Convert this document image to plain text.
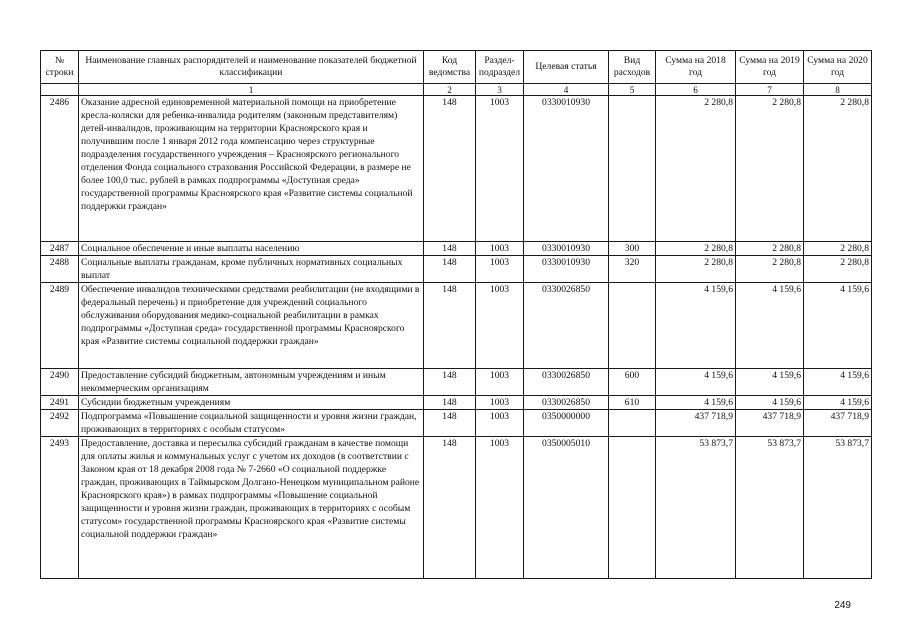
№ строки	Наименование главных распорядителей и наименование показателей бюджетной классификации	Код ведомства	Раздел-подраздел	Целевая статья	Вид расходов	Сумма на 2018 год	Сумма на 2019 год	Сумма на 2020 год
	1	2	3	4	5	6	7	8
2486	Оказание адресной единовременной материальной помощи на приобретение кресла-коляски для ребенка-инвалида родителям (законным представителям) детей-инвалидов, проживающим на территории Красноярского края и получившим после 1 января 2012 года компенсацию через структурные подразделения государственного учреждения – Красноярского регионального отделения Фонда социального страхования Российской Федерации, в размере не более 100,0 тыс. рублей в рамках подпрограммы «Доступная среда» государственной программы Красноярского края «Развитие системы социальной поддержки граждан»	148	1003	0330010930		2 280,8	2 280,8	2 280,8
2487	Социальное обеспечение и иные выплаты населению	148	1003	0330010930	300	2 280,8	2 280,8	2 280,8
2488	Социальные выплаты гражданам, кроме публичных нормативных социальных выплат	148	1003	0330010930	320	2 280,8	2 280,8	2 280,8
2489	Обеспечение инвалидов техническими средствами реабилитации (не входящими в федеральный перечень) и приобретение для учреждений социального обслуживания оборудования медико-социальной реабилитации в рамках подпрограммы «Доступная среда» государственной программы Красноярского края «Развитие системы социальной поддержки граждан»	148	1003	0330026850		4 159,6	4 159,6	4 159,6
2490	Предоставление субсидий бюджетным, автономным учреждениям и иным некоммерческим организациям	148	1003	0330026850	600	4 159,6	4 159,6	4 159,6
2491	Субсидии бюджетным учреждениям	148	1003	0330026850	610	4 159,6	4 159,6	4 159,6
2492	Подпрограмма «Повышение социальной защищенности и уровня жизни граждан, проживающих в территориях с особым статусом»	148	1003	0350000000		437 718,9	437 718,9	437 718,9
2493	Предоставление, доставка и пересылка субсидий гражданам в качестве помощи для оплаты жилья и коммунальных услуг с учетом их доходов (в соответствии с Законом края от 18 декабря 2008 года № 7-2660 «О социальной поддержке граждан, проживающих в Таймырском Долгано-Ненецком муниципальном районе Красноярского края») в рамках подпрограммы «Повышение социальной защищенности и уровня жизни граждан, проживающих в территориях с особым статусом» государственной программы Красноярского края «Развитие системы социальной поддержки граждан»	148	1003	0350005010		53 873,7	53 873,7	53 873,7
249
